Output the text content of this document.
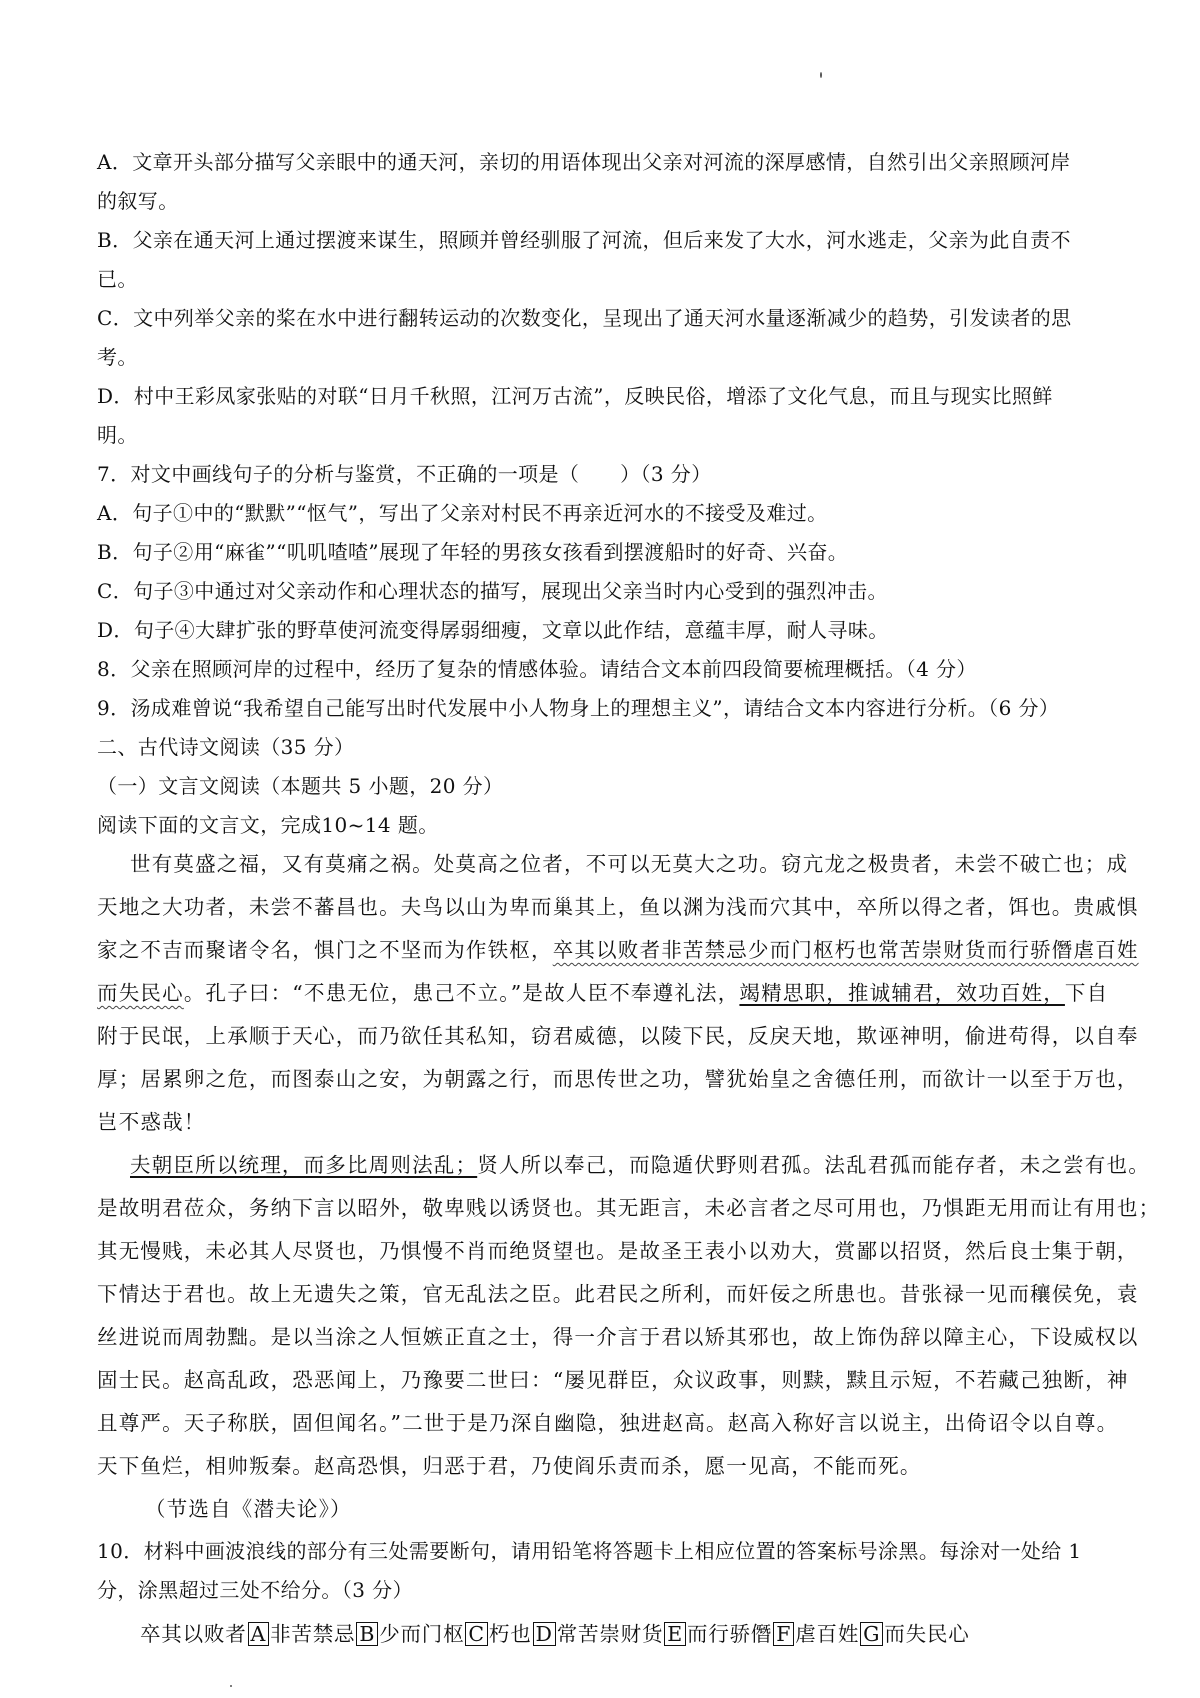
A．文章开头部分描写父亲眼中的通天河，亲切的用语体现出父亲对河流的深厚感情，自然引出父亲照顾河岸
的叙写。
B．父亲在通天河上通过摆渡来谋生，照顾并曾经驯服了河流，但后来发了大水，河水逃走，父亲为此自责不
已。
C．文中列举父亲的桨在水中进行翻转运动的次数变化，呈现出了通天河水量逐渐减少的趋势，引发读者的思
考。
D．村中王彩凤家张贴的对联“日月千秋照，江河万古流”，反映民俗，增添了文化气息，而且与现实比照鲜
明。
7．对文中画线句子的分析与鉴赏，不正确的一项是（　　）（3 分）
A．句子①中的“默默”“怄气”，写出了父亲对村民不再亲近河水的不接受及难过。
B．句子②用“麻雀”“叽叽喳喳”展现了年轻的男孩女孩看到摆渡船时的好奇、兴奋。
C．句子③中通过对父亲动作和心理状态的描写，展现出父亲当时内心受到的强烈冲击。
D．句子④大肆扩张的野草使河流变得孱弱细瘦，文章以此作结，意蕴丰厚，耐人寻味。
8．父亲在照顾河岸的过程中，经历了复杂的情感体验。请结合文本前四段简要梳理概括。（4 分）
9．汤成难曾说“我希望自己能写出时代发展中小人物身上的理想主义”，请结合文本内容进行分析。（6 分）
二、古代诗文阅读（35 分）
（一）文言文阅读（本题共 5 小题，20 分）
阅读下面的文言文，完成10~14 题。
世有莫盛之福，又有莫痛之祸。处莫高之位者，不可以无莫大之功。窃亢龙之极贵者，未尝不破亡也；成
天地之大功者，未尝不蕃昌也。夫鸟以山为卑而巢其上，鱼以渊为浅而穴其中，卒所以得之者，饵也。贵戚惧
家之不吉而聚诸令名，惧门之不坚而为作铁枢，卒其以败者非苦禁忌少而门枢朽也常苦崇财货而行骄僭虐百姓
而失民心。孔子曰：“不患无位，患己不立。”是故人臣不奉遵礼法，竭精思职，推诚辅君，效功百姓，下自
附于民氓，上承顺于天心，而乃欲任其私知，窃君威德，以陵下民，反戾天地，欺诬神明，偷进苟得，以自奉
厚；居累卵之危，而图泰山之安，为朝露之行，而思传世之功，譬犹始皇之舍德任刑，而欲计一以至于万也，
岂不惑哉！
夫朝臣所以统理，而多比周则法乱；贤人所以奉己，而隐遁伏野则君孤。法乱君孤而能存者，未之尝有也。
是故明君莅众，务纳下言以昭外，敬卑贱以诱贤也。其无距言，未必言者之尽可用也，乃惧距无用而让有用也；
其无慢贱，未必其人尽贤也，乃惧慢不肖而绝贤望也。是故圣王表小以劝大，赏鄙以招贤，然后良士集于朝，
下情达于君也。故上无遗失之策，官无乱法之臣。此君民之所利，而奸佞之所患也。昔张禄一见而穰侯免，袁
丝进说而周勃黜。是以当涂之人恒嫉正直之士，得一介言于君以矫其邪也，故上饰伪辞以障主心，下设威权以
固士民。赵高乱政，恐恶闻上，乃豫要二世曰：“屡见群臣，众议政事，则黩，黩且示短，不若藏己独断，神
且尊严。天子称朕，固但闻名。”二世于是乃深自幽隐，独进赵高。赵高入称好言以说主，出倚诏令以自尊。
天下鱼烂，相帅叛秦。赵高恐惧，归恶于君，乃使阎乐责而杀，愿一见高，不能而死。
（节选自《潜夫论》）
10．材料中画波浪线的部分有三处需要断句，请用铅笔将答题卡上相应位置的答案标号涂黑。每涂对一处给 1
分，涂黑超过三处不给分。（3 分）
卒其以败者 A 非苦禁忌 B 少而门枢 C 朽也 D 常苦崇财货 E 而行骄僭 F 虐百姓 G 而失民心
